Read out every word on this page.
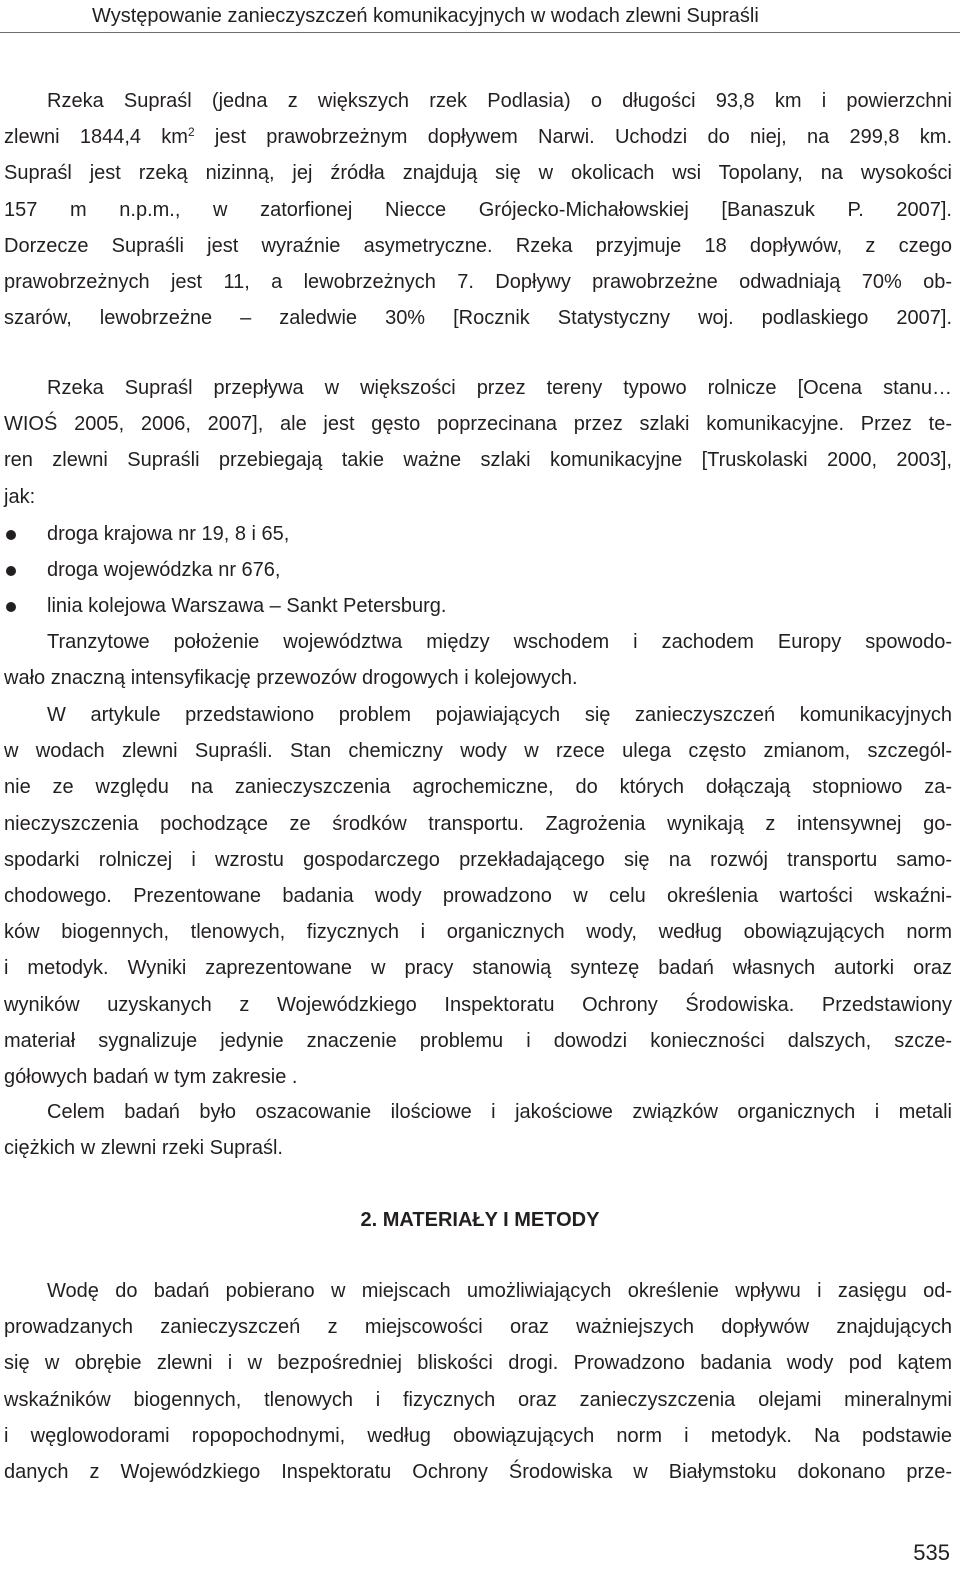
Występowanie zanieczyszczeń komunikacyjnych w wodach zlewni Supraśli
Rzeka Supraśl (jedna z większych rzek Podlasia) o długości 93,8 km i powierzchni
zlewni 1844,4 $km^2$ jest prawobrzeżnym dopływem Narwi. Uchodzi do niej, na 299,8 km.
Supraśl jest rzeką nizinną, jej źródła znajdują się w okolicach wsi Topolany, na wysokości
157 m n.p.m., w zatorfionej Niecce Grójecko-Michałowskiej [Banaszuk P. 2007].
Dorzecze Supraśli jest wyraźnie asymetryczne. Rzeka przyjmuje 18 dopływów, z czego
prawobrzeżnych jest 11, a lewobrzeżnych 7. Dopływy prawobrzeżne odwadniają 70% ob-
szarów, lewobrzeżne – zaledwie 30% [Rocznik Statystyczny woj. podlaskiego 2007].
Rzeka Supraśl przepływa w większości przez tereny typowo rolnicze [Ocena stanu…
WIOŚ 2005, 2006, 2007], ale jest gęsto poprzecinana przez szlaki komunikacyjne. Przez te-
ren zlewni Supraśli przebiegają takie ważne szlaki komunikacyjne [Truskolaski 2000, 2003],
jak:
droga krajowa nr 19, 8 i 65,
droga wojewódzka nr 676,
linia kolejowa Warszawa – Sankt Petersburg.
Tranzytowe położenie województwa między wschodem i zachodem Europy spowodo-
wało znaczną intensyfikację przewozów drogowych i kolejowych.
W artykule przedstawiono problem pojawiających się zanieczyszczeń komunikacyjnych
w wodach zlewni Supraśli. Stan chemiczny wody w rzece ulega często zmianom, szczegól-
nie ze względu na zanieczyszczenia agrochemiczne, do których dołączają stopniowo za-
nieczyszczenia pochodzące ze środków transportu. Zagrożenia wynikają z intensywnej go-
spodarki rolniczej i wzrostu gospodarczego przekładającego się na rozwój transportu samo-
chodowego. Prezentowane badania wody prowadzono w celu określenia wartości wskaźni-
ków biogennych, tlenowych, fizycznych i organicznych wody, według obowiązujących norm
i metodyk. Wyniki zaprezentowane w pracy stanowią syntezę badań własnych autorki oraz
wyników uzyskanych z Wojewódzkiego Inspektoratu Ochrony Środowiska. Przedstawiony
materiał sygnalizuje jedynie znaczenie problemu i dowodzi konieczności dalszych, szcze-
gółowych badań w tym zakresie .
Celem badań było oszacowanie ilościowe i jakościowe związków organicznych i metali
ciężkich w zlewni rzeki Supraśl.
2. MATERIAŁY I METODY
Wodę do badań pobierano w miejscach umożliwiających określenie wpływu i zasięgu od-
prowadzanych zanieczyszczeń z miejscowości oraz ważniejszych dopływów znajdujących
się w obrębie zlewni i w bezpośredniej bliskości drogi. Prowadzono badania wody pod kątem
wskaźników biogennych, tlenowych i fizycznych oraz zanieczyszczenia olejami mineralnymi
i węglowodorami ropopochodnymi, według obowiązujących norm i metodyk. Na podstawie
danych z Wojewódzkiego Inspektoratu Ochrony Środowiska w Białymstoku dokonano prze-
535
